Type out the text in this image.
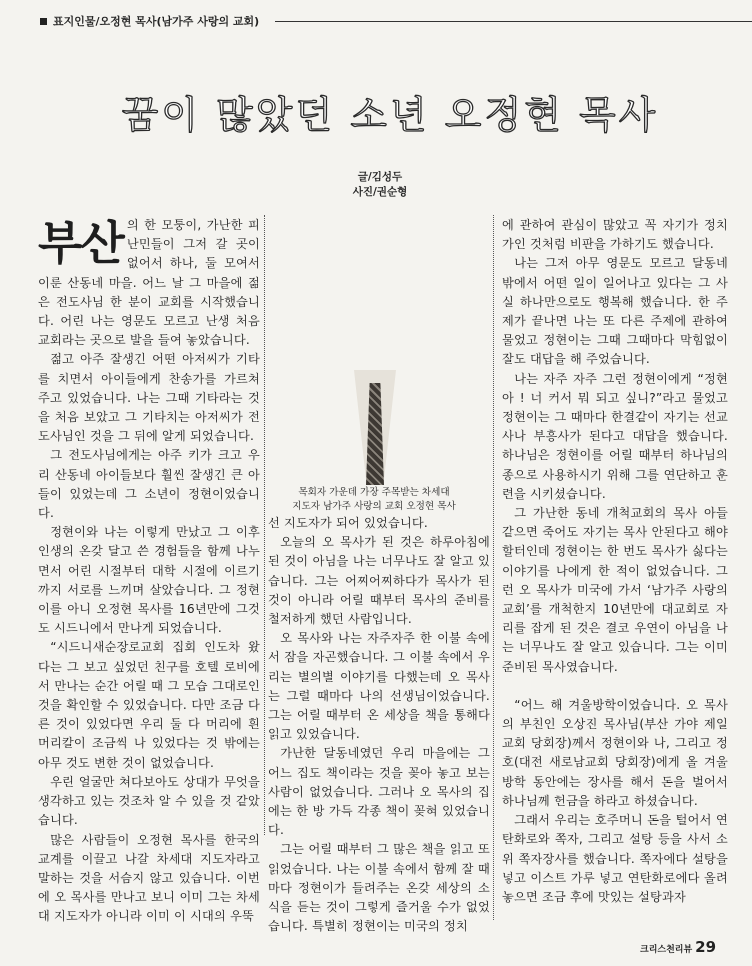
표지인물/오정현 목사(남가주 사랑의 교회)
꿈이 많았던 소년 오정현 목사
글/김성두
사진/권순형

부산 의 한 모퉁이, 가난한 피난민들이 그저 갈 곳이 없어서 하나, 둘 모여서 이룬 산동네 마을. 어느 날 그 마을에 젊은 전도사님 한 분이 교회를 시작했습니다. 어린 나는 영문도 모르고 난생 처음 교회라는 곳으로 발을 들여 놓았습니다.

젊고 아주 잘생긴 어떤 아저씨가 기타를 치면서 아이들에게 찬송가를 가르쳐 주고 있었습니다. 나는 그때 기타라는 것을 처음 보았고 그 기타치는 아저씨가 전도사님인 것을 그 뒤에 알게 되었습니다.

그 전도사님에게는 아주 키가 크고 우리 산동네 아이들보다 훨씬 잘생긴 큰 아들이 있었는데 그 소년이 정현이었습니다.

정현이와 나는 이렇게 만났고 그 이후 인생의 온갖 달고 쓴 경험들을 함께 나누면서 어린 시절부터 대학 시절에 이르기까지 서로를 느끼며 살았습니다. 그 정현이를 아니 오정현 목사를 16년만에 그것도 시드니에서 만나게 되었습니다.

“시드니새순장로교회 집회 인도차 왔다는 그 보고 싶었던 친구를 호텔 로비에서 만나는 순간 어릴 때 그 모습 그대로인 것을 확인할 수 있었습니다. 다만 조금 다른 것이 있었다면 우리 둘 다 머리에 흰 머리칼이 조금씩 나 있었다는 것 밖에는 아무 것도 변한 것이 없었습니다.

우린 얼굴만 쳐다보아도 상대가 무엇을 생각하고 있는 것조차 알 수 있을 것 같았습니다.

많은 사람들이 오정현 목사를 한국의 교계를 이끌고 나갈 차세대 지도자라고 말하는 것을 서슴지 않고 있습니다. 이번에 오 목사를 만나고 보니 이미 그는 차세대 지도자가 아니라 이미 이 시대의 우뚝

목회자 가운데 가장 주목받는 차세대
지도자 남가주 사랑의 교회 오정현 목사

선 지도자가 되어 있었습니다.

오늘의 오 목사가 된 것은 하루아침에 된 것이 아님을 나는 너무나도 잘 알고 있습니다. 그는 어찌어찌하다가 목사가 된 것이 아니라 어릴 때부터 목사의 준비를 철저하게 했던 사람입니다.

오 목사와 나는 자주자주 한 이불 속에서 잠을 자곤했습니다. 그 이불 속에서 우리는 별의별 이야기를 다했는데 오 목사는 그럴 때마다 나의 선생님이었습니다. 그는 어릴 때부터 온 세상을 책을 통해다 읽고 있었습니다.

가난한 달동네였던 우리 마을에는 그 어느 집도 책이라는 것을 꽂아 놓고 보는 사람이 없었습니다. 그러나 오 목사의 집에는 한 방 가득 각종 책이 꽂혀 있었습니다.

그는 어릴 때부터 그 많은 책을 읽고 또 읽었습니다. 나는 이불 속에서 함께 잘 때마다 정현이가 들려주는 온갖 세상의 소식을 듣는 것이 그렇게 즐거울 수가 없었습니다. 특별히 정현이는 미국의 정치

에 관하여 관심이 많았고 꼭 자기가 정치가인 것처럼 비판을 가하기도 했습니다.

나는 그저 아무 영문도 모르고 달동네 밖에서 어떤 일이 일어나고 있다는 그 사실 하나만으로도 행복해 했습니다. 한 주제가 끝나면 나는 또 다른 주제에 관하여 물었고 정현이는 그때 그때마다 막힘없이 잘도 대답을 해 주었습니다.

나는 자주 자주 그런 정현이에게 “정현아 ! 너 커서 뭐 되고 싶니?”라고 물었고 정현이는 그 때마다 한결같이 자기는 선교사나 부흥사가 된다고 대답을 했습니다. 하나님은 정현이를 어릴 때부터 하나님의 종으로 사용하시기 위해 그를 연단하고 훈련을 시키셨습니다.

그 가난한 동네 개척교회의 목사 아들 같으면 죽어도 자기는 목사 안된다고 해야 할터인데 정현이는 한 번도 목사가 싫다는 이야기를 나에게 한 적이 없었습니다. 그런 오 목사가 미국에 가서 ‘남가주 사랑의 교회’를 개척한지 10년만에 대교회로 자리를 잡게 된 것은 결코 우연이 아님을 나는 너무나도 잘 알고 있습니다. 그는 이미 준비된 목사였습니다.

“어느 해 겨울방학이었습니다. 오 목사의 부친인 오상진 목사님(부산 가야 제일교회 당회장)께서 정현이와 나, 그리고 정호(대전 새로남교회 당회장)에게 올 겨울 방학 동안에는 장사를 해서 돈을 벌어서 하나님께 헌금을 하라고 하셨습니다.

그래서 우리는 호주머니 돈을 털어서 연탄화로와 쪽자, 그리고 설탕 등을 사서 소위 쪽자장사를 했습니다. 쪽자에다 설탕을 넣고 이스트 가루 넣고 연탄화로에다 올려놓으면 조금 후에 맛있는 설탕과자

크리스천리뷰 29
